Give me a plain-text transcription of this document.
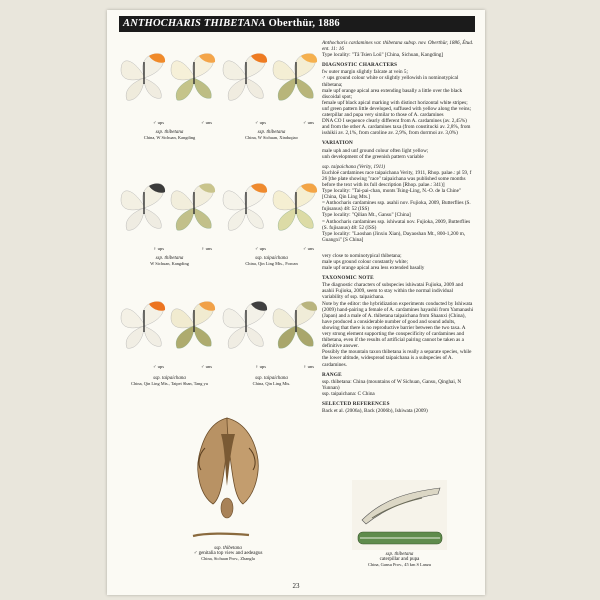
ANTHOCHARIS THIBETANA Oberthür, 1886
♂ ups	♂ uns	♂ ups	♂ uns
ssp. thibetana
China, W Sichuan, Kangding
ssp. thibetana
China, W Sichuan, Xinduqiao
♀ ups	♀ uns	♂ ups	♂ uns
ssp. thibetana
W Sichuan, Kangding
ssp. taipaichana
China, Qin Ling Mts., Foroan
♂ ups	♂ uns	♀ ups	♀ uns
ssp. taipaichana
China, Qin Ling Mts., Taipei Shan, Tang yu
ssp. taipaichana
China, Qin Ling Mts.
ssp. thibetana
♂ genitalia top view and aedeagus
China, Sichuan Prov., Zhangla
ssp. thibetana
caterpillar and pupa
China, Gansu Prov., 45 km S Lanzu

Anthocharis cardamines var. thibetana subsp. nov. Oberthür, 1886, Étud. ent. 11: 16
Type locality: "Tâ Tsien Loû" [China, Sichuan, Kangding]

DIAGNOSTIC CHARACTERS

fw outer margin slightly falcate at vein 5;
♂ ups ground colour white or slightly yellowish in nominotypical thibetana;
male upf orange apical area extending basally a little over the black discoidal spot;
female upf black apical marking with distinct horizontal white stripes;
unf green pattern little developed, suffused with yellow along the veins;
caterpillar and pupa very similar to those of A. cardamines
DNA CO I sequence clearly different from A. cardamines (av. 2,45%) and from the other A. cardamines taxa (from constitucki av. 2,8%, from isshikii av. 2,1%, from caroline av. 2,9%, from dorrmoi av. 3,0%)

VARIATION

male uph and unf ground colour often light yellow;
unh development of the greenish pattern variable

ssp. taipaichana (Verity, 1911)
Euchloë cardamines race taipaichana Verity, 1911, Rhop. palae.: pl 59, f 26 [the plate showing "race" taipaichana was published some months before the text with its full description [Rhop. palae.: 341)]
Type locality: "Tai-pai-chan, monts Tsing-Ling, N.-O. de la Chine" [China, Qin Ling Mts.]
= Anthocharis cardamines ssp. asahii nov. Fujioka, 2009, Butterflies (S. fujisanus) 48: 52 (ISS)
Type locality: "Qilian Mt., Gansu" [China]
= Anthocharis cardamines ssp. ishiwatai nov. Fujioka, 2009, Butterflies (S. fujisanus) 48: 52 (ISS)
Type locality: "Laoshan (Jinxiu Xian), Dayaoshan Mt., 800-1,200 m, Guangxi" [S China]

very close to nominotypical thibetana;
male ups ground colour constantly white;
male upf orange apical area less extended basally

TAXONOMIC NOTE

The diagnostic characters of subspecies ishiwatai Fujioka, 2009 and asahii Fujioka, 2009, seem to stay within the normal individual variability of ssp. taipaichana.
Note by the editor: the hybridization experiments conducted by Ishiwata (2009) hand-pairing a female of A. cardamines hayashii from Yamanashi (Japan) and a male of A. thibetana taipaichana from Shaanxi (China), have produced a considerable number of good and sound adults, showing that there is no reproductive barrier between the two taxa. A very strong element supporting the conspecificity of cardamines and thibetana, even if the results of artificial pairing cannot be taken as a definitive answer.
Possibly the mountain taxon thibetana is really a separate species, while the lower altitude, widespread taipaichana is a subspecies of A. cardamines.

RANGE

ssp. thibetana: China (mountains of W Sichuan, Gansu, Qinghai, N Yunnan)
ssp. taipaichana: C China

SELECTED REFERENCES

Back et al. (2006a), Back (2006b), Ishiwata (2009)

23
